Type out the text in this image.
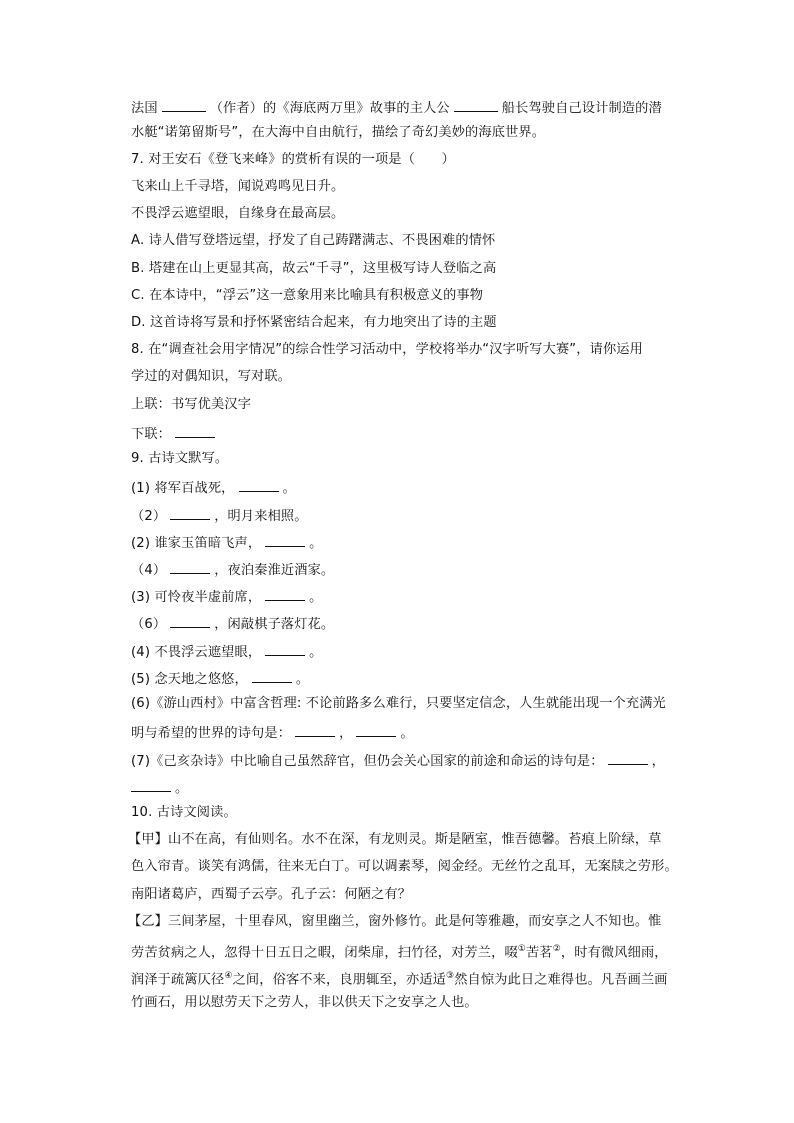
法国	（作者）的《海底两万里》故事的主人公	船长驾驶自己设计制造的潜
水艇“诺第留斯号”，在大海中自由航行，描绘了奇幻美妙的海底世界。
7. 对王安石《登飞来峰》的赏析有误的一项是（　　）
飞来山上千寻塔，闻说鸡鸣见日升。
不畏浮云遮望眼，自缘身在最高层。
A. 诗人借写登塔远望，抒发了自己踌躇满志、不畏困难的情怀
B. 塔建在山上更显其高，故云“千寻”，这里极写诗人登临之高
C. 在本诗中，“浮云”这一意象用来比喻具有积极意义的事物
D. 这首诗将写景和抒怀紧密结合起来，有力地突出了诗的主题
8. 在“调查社会用字情况”的综合性学习活动中，学校将举办“汉字听写大赛”，请你运用
学过的对偶知识，写对联。
上联：书写优美汉字
下联：
9. 古诗文默写。
(1) 将军百战死，	。
（2）	，明月来相照。
(2) 谁家玉笛暗飞声，	。
（4）	，夜泊秦淮近酒家。
(3) 可怜夜半虚前席，	。
（6）	，闲敲棋子落灯花。
(4) 不畏浮云遮望眼，	。
(5) 念天地之悠悠，	。
(6)《游山西村》中富含哲理: 不论前路多么难行，只要坚定信念，人生就能出现一个充满光
明与希望的世界的诗句是：	，	。
(7)《己亥杂诗》中比喻自己虽然辞官，但仍会关心国家的前途和命运的诗句是：	，
。
10. 古诗文阅读。
【甲】山不在高，有仙则名。水不在深，有龙则灵。斯是陋室，惟吾德馨。苔痕上阶绿，草
色入帘青。谈笑有鸿儒，往来无白丁。可以调素琴，阅金经。无丝竹之乱耳，无案牍之劳形。
南阳诸葛庐，西蜀子云亭。孔子云：何陋之有？
【乙】三间茅屋，十里春风，窗里幽兰，窗外修竹。此是何等雅趣，而安享之人不知也。惟
劳苦贫病之人，忽得十日五日之暇，闭柴扉，扫竹径，对芳兰，啜①苦茗②，时有微风细雨，
润泽于疏篱仄径④之间，俗客不来，良朋辄至，亦适适③然自惊为此日之难得也。凡吾画兰画
竹画石，用以慰劳天下之劳人，非以供天下之安享之人也。
